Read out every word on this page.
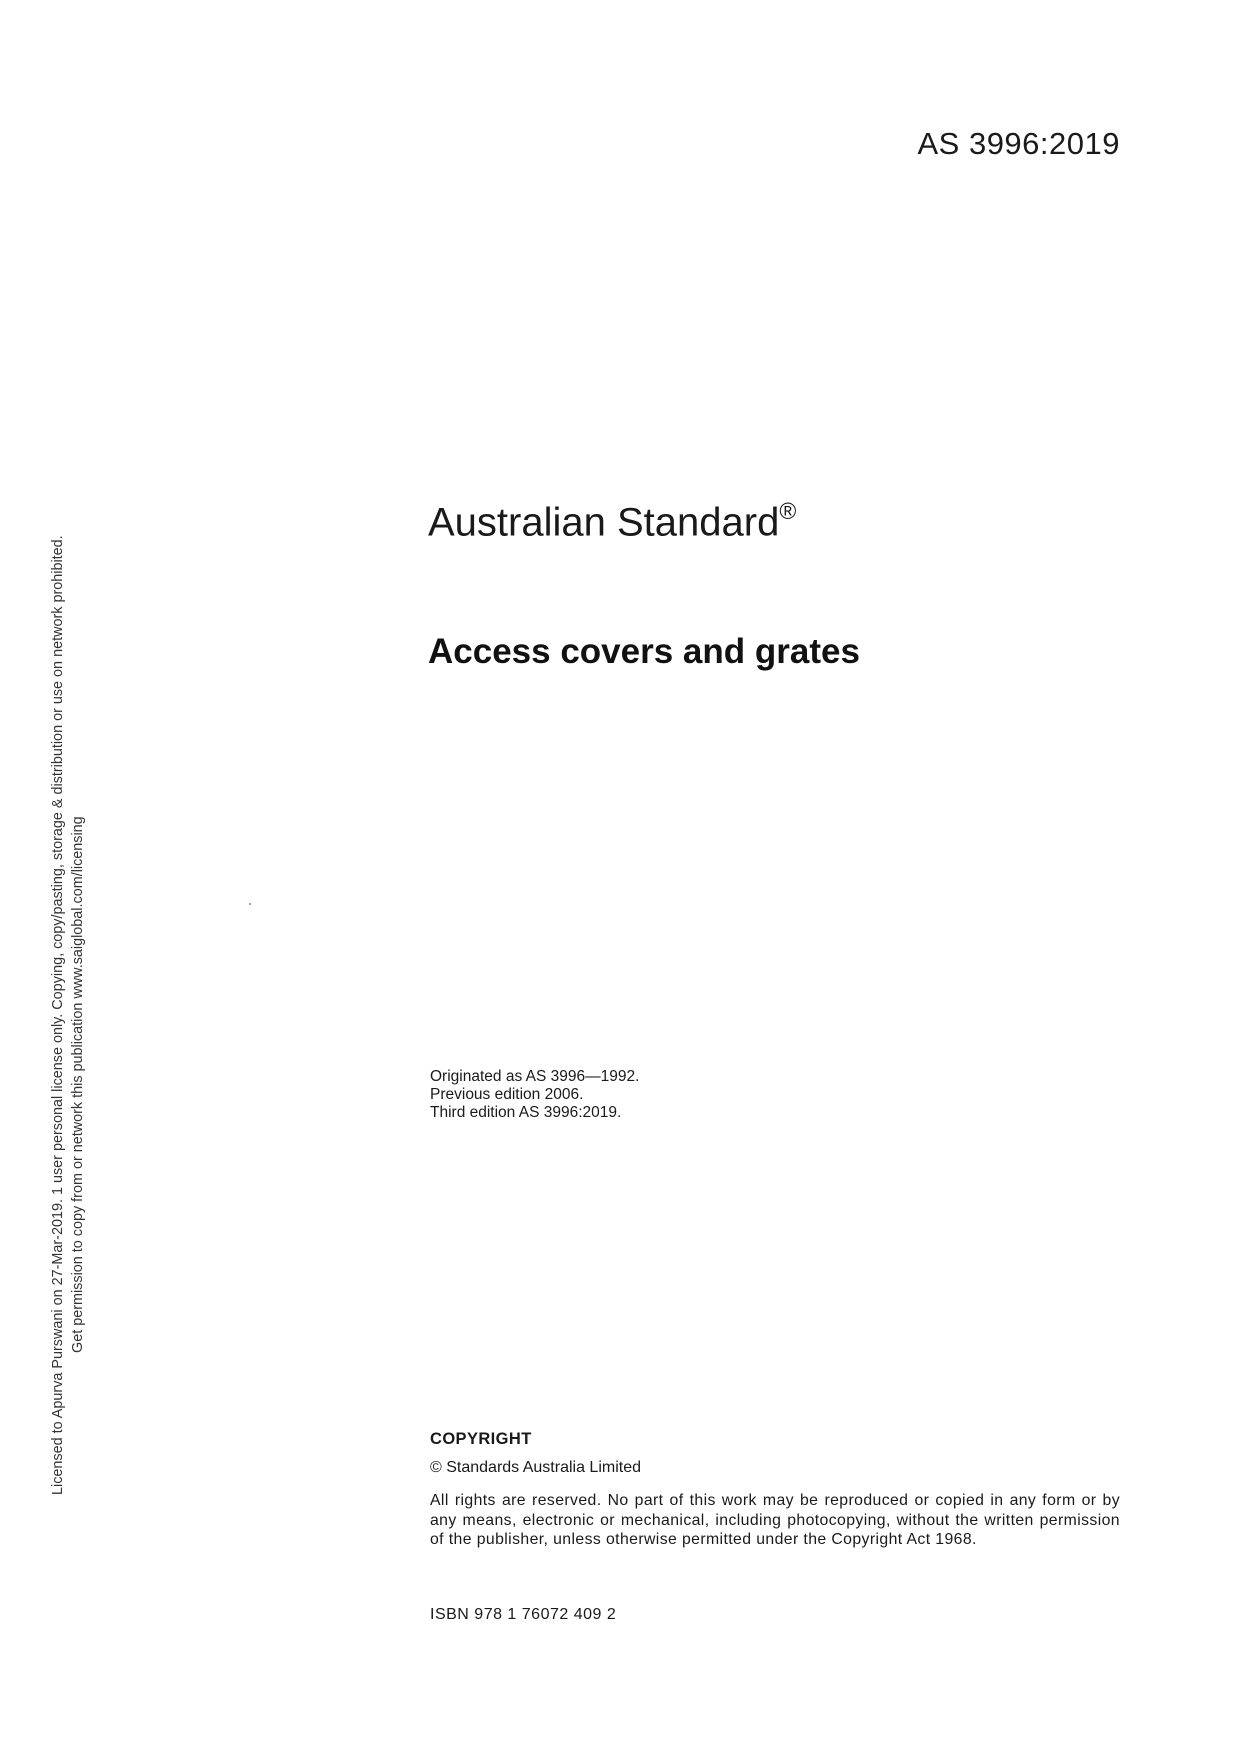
AS 3996:2019
Licensed to Apurva Purswani on 27-Mar-2019. 1 user personal license only. Copying, copy/pasting, storage & distribution or use on network prohibited. Get permission to copy from or network this publication www.saiglobal.com/licensing
Australian Standard®
Access covers and grates
Originated as AS 3996—1992.
Previous edition 2006.
Third edition AS 3996:2019.

COPYRIGHT

© Standards Australia Limited

All rights are reserved. No part of this work may be reproduced or copied in any form or by any means, electronic or mechanical, including photocopying, without the written permission of the publisher, unless otherwise permitted under the Copyright Act 1968.

ISBN 978 1 76072 409 2
